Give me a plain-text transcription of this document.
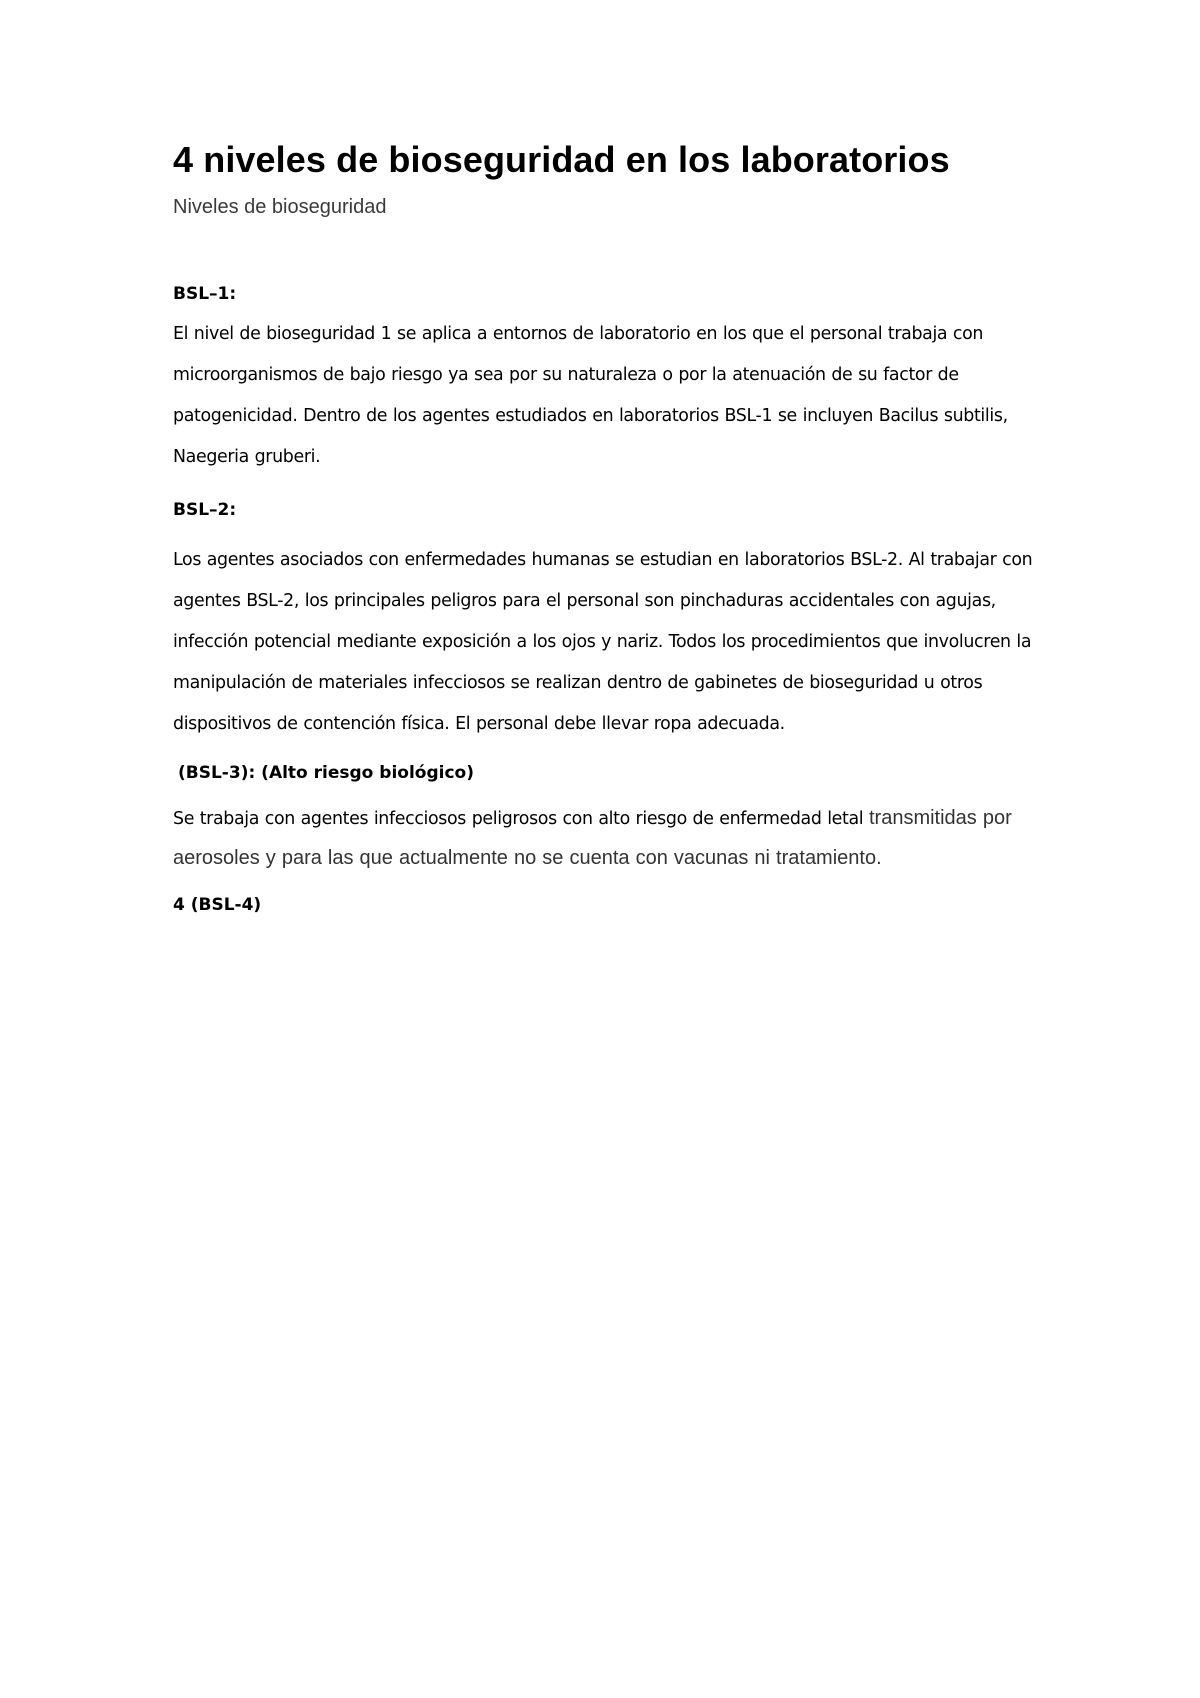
4 niveles de bioseguridad en los laboratorios

Niveles de bioseguridad

BSL–1:

El nivel de bioseguridad 1 se aplica a entornos de laboratorio en los que el personal trabaja con microorganismos de bajo riesgo ya sea por su naturaleza o por la atenuación de su factor de patogenicidad. Dentro de los agentes estudiados en laboratorios BSL-1 se incluyen Bacilus subtilis, Naegeria gruberi.

BSL–2:

Los agentes asociados con enfermedades humanas se estudian en laboratorios BSL-2. Al trabajar con agentes BSL-2, los principales peligros para el personal son pinchaduras accidentales con agujas, infección potencial mediante exposición a los ojos y nariz. Todos los procedimientos que involucren la manipulación de materiales infecciosos se realizan dentro de gabinetes de bioseguridad u otros dispositivos de contención física. El personal debe llevar ropa adecuada.

(BSL-3): (Alto riesgo biológico)

Se trabaja con agentes infecciosos peligrosos con alto riesgo de enfermedad letal transmitidas por aerosoles y para las que actualmente no se cuenta con vacunas ni tratamiento.

4 (BSL-4)
